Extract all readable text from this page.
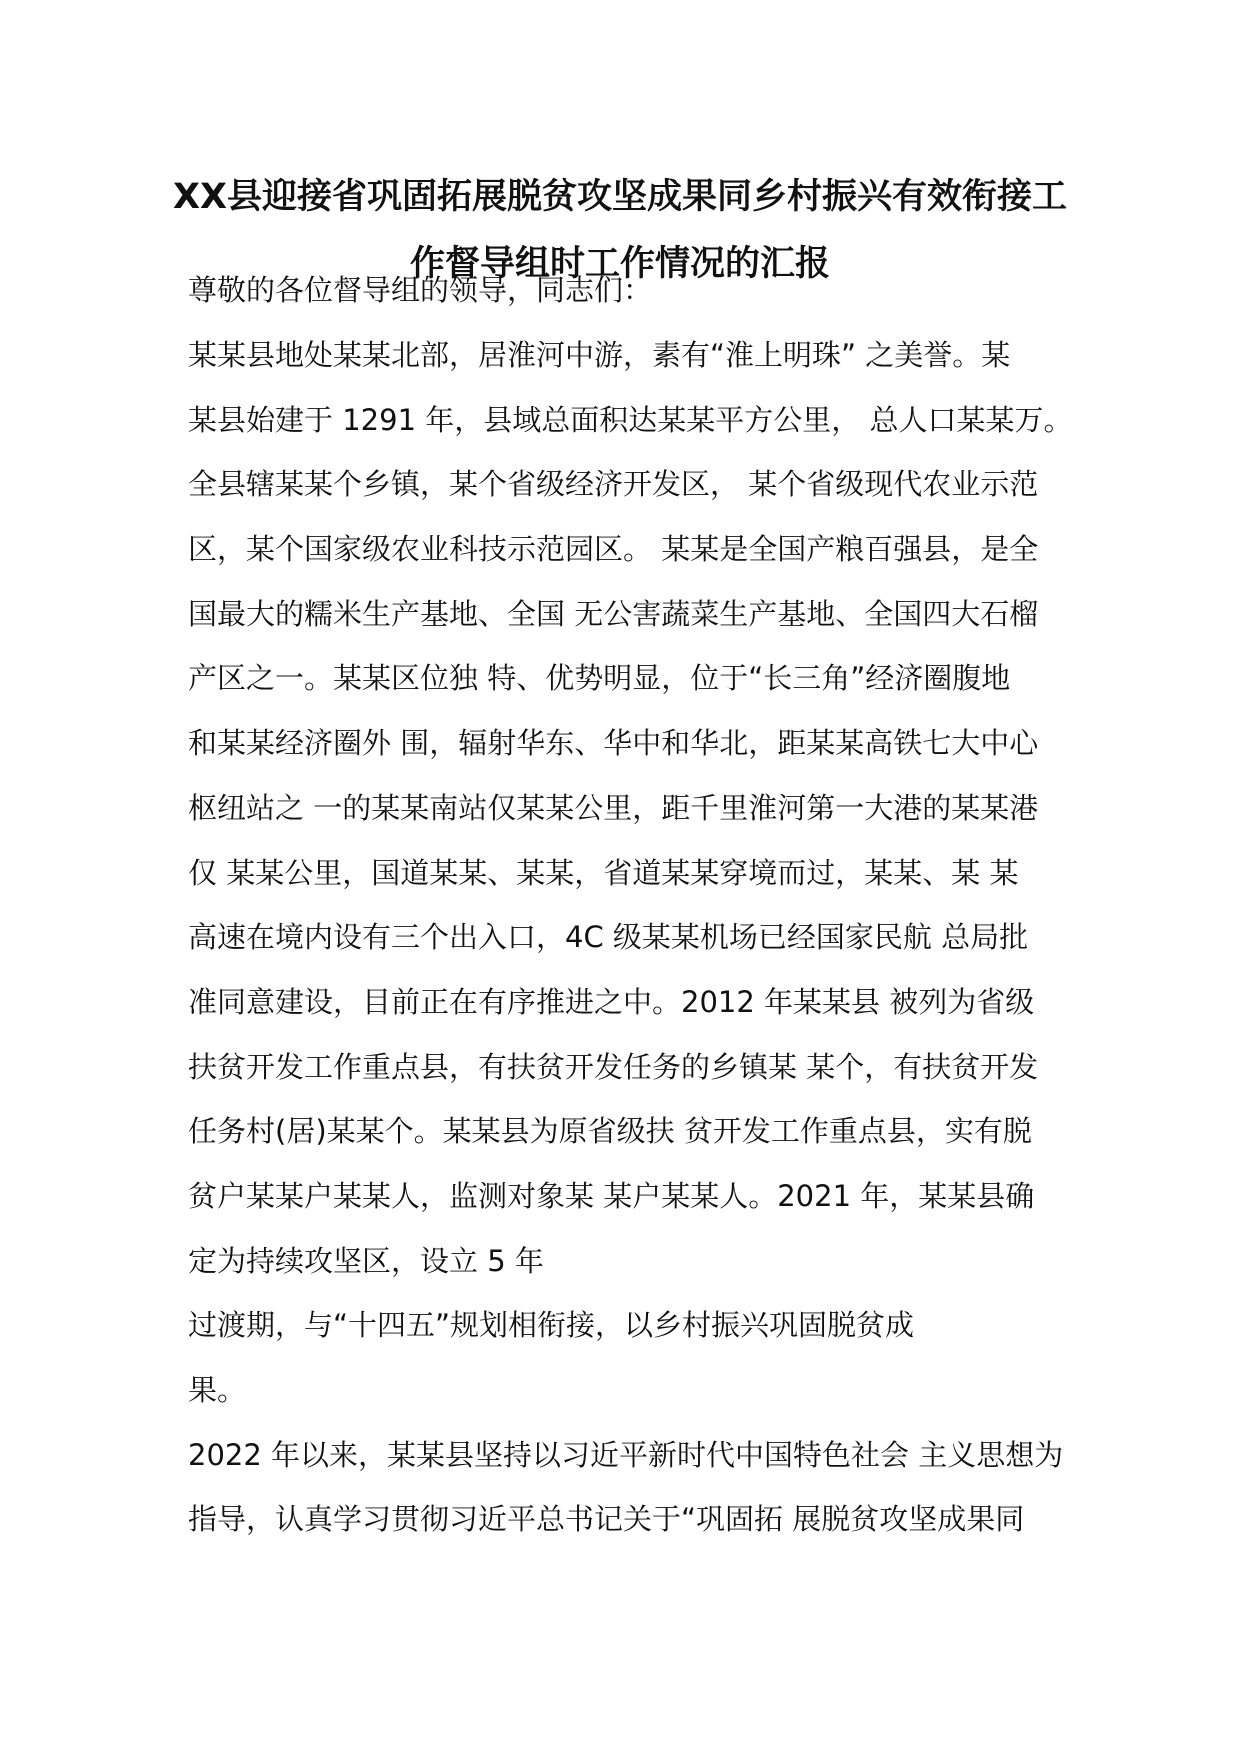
XX县迎接省巩固拓展脱贫攻坚成果同乡村振兴有效衔接工
作督导组时工作情况的汇报
尊敬的各位督导组的领导，同志们：
某某县地处某某北部，居淮河中游，素有“淮上明珠” 之美誉。某
某县始建于 1291 年，县域总面积达某某平方公里， 总人口某某万。
全县辖某某个乡镇，某个省级经济开发区， 某个省级现代农业示范
区，某个国家级农业科技示范园区。 某某是全国产粮百强县，是全
国最大的糯米生产基地、全国 无公害蔬菜生产基地、全国四大石榴
产区之一。某某区位独 特、优势明显，位于“长三角”经济圈腹地
和某某经济圈外 围，辐射华东、华中和华北，距某某高铁七大中心
枢纽站之 一的某某南站仅某某公里，距千里淮河第一大港的某某港
仅 某某公里，国道某某、某某，省道某某穿境而过，某某、某 某
高速在境内设有三个出入口，4C 级某某机场已经国家民航 总局批
准同意建设，目前正在有序推进之中。2012 年某某县 被列为省级
扶贫开发工作重点县，有扶贫开发任务的乡镇某 某个，有扶贫开发
任务村(居)某某个。某某县为原省级扶 贫开发工作重点县，实有脱
贫户某某户某某人，监测对象某 某户某某人。2021 年，某某县确
定为持续攻坚区，设立 5 年
过渡期，与“十四五”规划相衔接，以乡村振兴巩固脱贫成
果。
2022 年以来，某某县坚持以习近平新时代中国特色社会 主义思想为
指导，认真学习贯彻习近平总书记关于“巩固拓 展脱贫攻坚成果同
